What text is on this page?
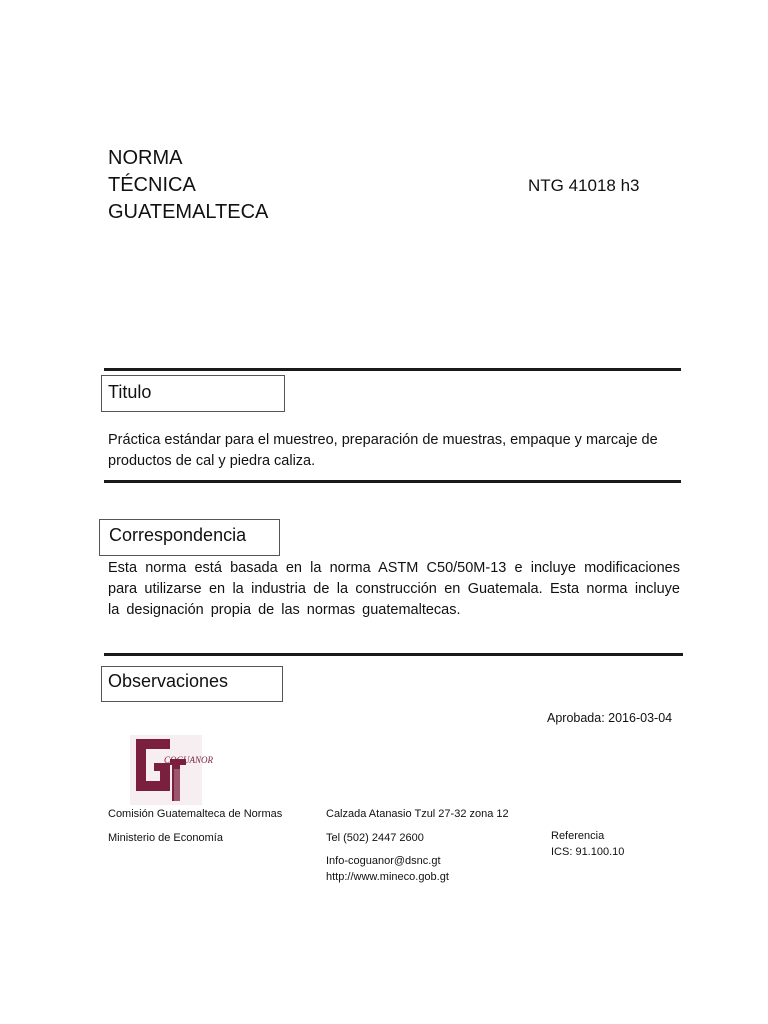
NORMA
TÉCNICA
GUATEMALTECA
NTG 41018 h3
Titulo
Práctica estándar para el muestreo, preparación de muestras, empaque y marcaje de productos de cal y piedra caliza.
Correspondencia
Esta norma está basada en la norma ASTM C50/50M-13 e incluye modificaciones
para utilizarse en la industria de la construcción en Guatemala. Esta norma incluye
la designación propia de las normas guatemaltecas.
Observaciones
Aprobada: 2016-03-04
COGUANOR
Comisión Guatemalteca de Normas
Ministerio de Economía
Calzada Atanasio Tzul 27-32 zona 12
Tel (502) 2447 2600
Info-coguanor@dsnc.gt
http://www.mineco.gob.gt
Referencia
ICS: 91.100.10
